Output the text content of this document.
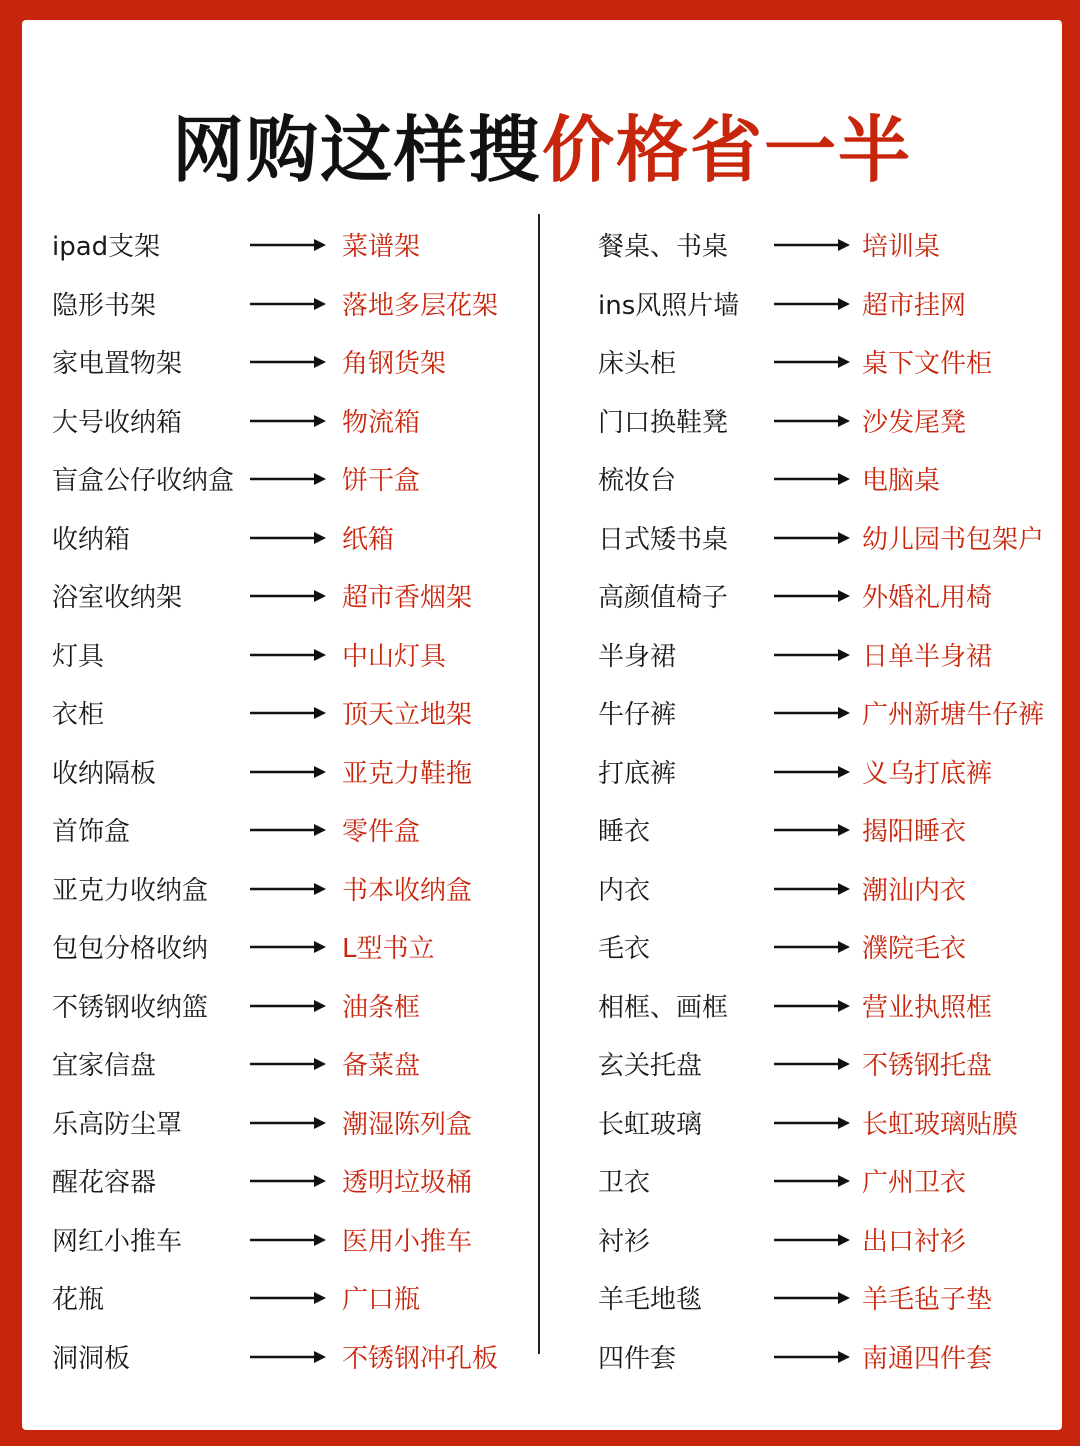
网购这样搜价格省一半
ipad支架	菜谱架
隐形书架	落地多层花架
家电置物架	角钢货架
大号收纳箱	物流箱
盲盒公仔收纳盒	饼干盒
收纳箱	纸箱
浴室收纳架	超市香烟架
灯具	中山灯具
衣柜	顶天立地架
收纳隔板	亚克力鞋拖
首饰盒	零件盒
亚克力收纳盒	书本收纳盒
包包分格收纳	L型书立
不锈钢收纳篮	油条框
宜家信盘	备菜盘
乐高防尘罩	潮湿陈列盒
醒花容器	透明垃圾桶
网红小推车	医用小推车
花瓶	广口瓶
洞洞板	不锈钢冲孔板
餐桌、书桌	培训桌
ins风照片墙	超市挂网
床头柜	桌下文件柜
门口换鞋凳	沙发尾凳
梳妆台	电脑桌
日式矮书桌	幼儿园书包架户
高颜值椅子	外婚礼用椅
半身裙	日单半身裙
牛仔裤	广州新塘牛仔裤
打底裤	义乌打底裤
睡衣	揭阳睡衣
内衣	潮汕内衣
毛衣	濮院毛衣
相框、画框	营业执照框
玄关托盘	不锈钢托盘
长虹玻璃	长虹玻璃贴膜
卫衣	广州卫衣
衬衫	出口衬衫
羊毛地毯	羊毛毡子垫
四件套	南通四件套
